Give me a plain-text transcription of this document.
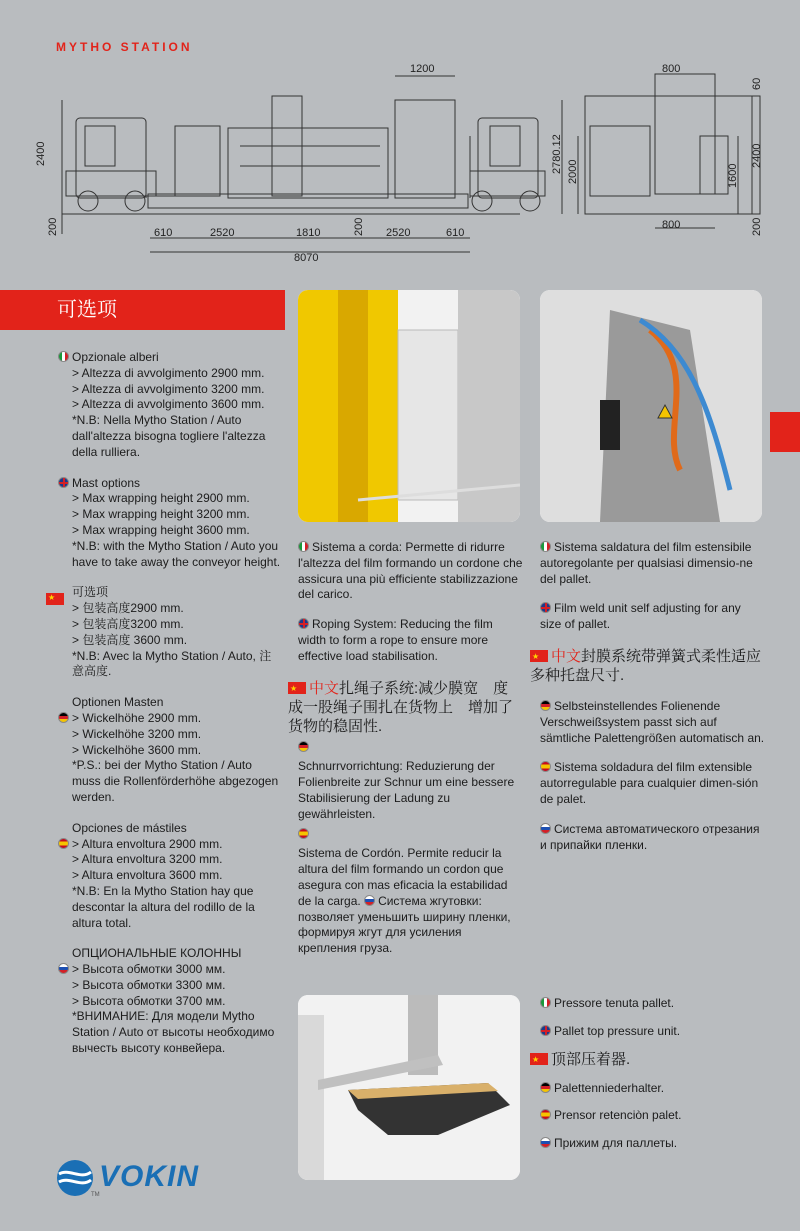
MYTHO STATION
1200
2400
200	610	2520	1810	200 2520	610
8070
800
60
2780.12 2000	1600
2400
800	200
可选项
Opzionale alberi
> Altezza di avvolgimento 2900 mm.
> Altezza di avvolgimento 3200 mm.
> Altezza di avvolgimento 3600 mm.
*N.B: Nella Mytho Station / Auto dall'altezza bisogna togliere l'altezza della rulliera.
Mast options
> Max wrapping height 2900 mm.
> Max wrapping height 3200 mm.
> Max wrapping height 3600 mm.
*N.B: with the Mytho Station / Auto you have to take away the conveyor height.
★
可选项
> 包装高度2900 mm.
> 包装高度3200 mm.
> 包装高度 3600 mm.
*N.B: Avec la Mytho Station / Auto, 注意高度.
Optionen Masten
> Wickelhöhe 2900 mm.
> Wickelhöhe 3200 mm.
> Wickelhöhe 3600 mm.
*P.S.: bei der Mytho Station / Auto muss die Rollenförderhöhe abgezogen werden.
Opciones de mástiles
> Altura envoltura 2900 mm.
> Altura envoltura 3200 mm.
> Altura envoltura 3600 mm.
*N.B: En la Mytho Station hay que descontar la altura del rodillo de la altura total.
ОПЦИОНАЛЬНЫЕ КОЛОННЫ
> Высота обмотки 3000 мм.
> Высота обмотки 3300 мм.
> Высота обмотки 3700 мм.
*ВНИМАНИЕ: Для модели Mytho Station / Auto от высоты необходимо вычесть высоту конвейера.
Sistema a corda: Permette di ridurre l'altezza del film formando un cordone che assicura una più efficiente stabilizzazione del carico.
Roping System: Reducing the film width to form a rope to ensure more effective load stabilisation.
★中文扎绳子系统:减少膜宽　度成一股绳子围扎在货物上　增加了货物的稳固性.
Schnurrvorrichtung: Reduzierung der Folienbreite zur Schnur um eine bessere Stabilisierung der Ladung zu gewährleisten.
Sistema de Cordón. Permite reducir la altura del film formando un cordon que asegura con mas eficacia la estabilidad de la carga. Система жгутовки: позволяет уменьшить ширину пленки, формируя жгут для усиления крепления груза.
Sistema saldatura del film estensibile autoregolante per qualsiasi dimensio-ne del pallet.
Film weld unit self adjusting for any size of pallet.
★中文封膜系统带弹簧式柔性适应多种托盘尺寸.
Selbsteinstellendes Folienende Verschweißsystem passt sich auf sämtliche Palettengrößen automatisch an.
Sistema soldadura del film extensible autorregulable para cualquier dimen-sión de palet.
Система автоматического отрезания и припайки пленки.
Pressore tenuta pallet.
Pallet top pressure unit.
★顶部压着器.
Palettenniederhalter.
Prensor retenciòn palet.
Прижим для паллеты.
VOKIN
TM
